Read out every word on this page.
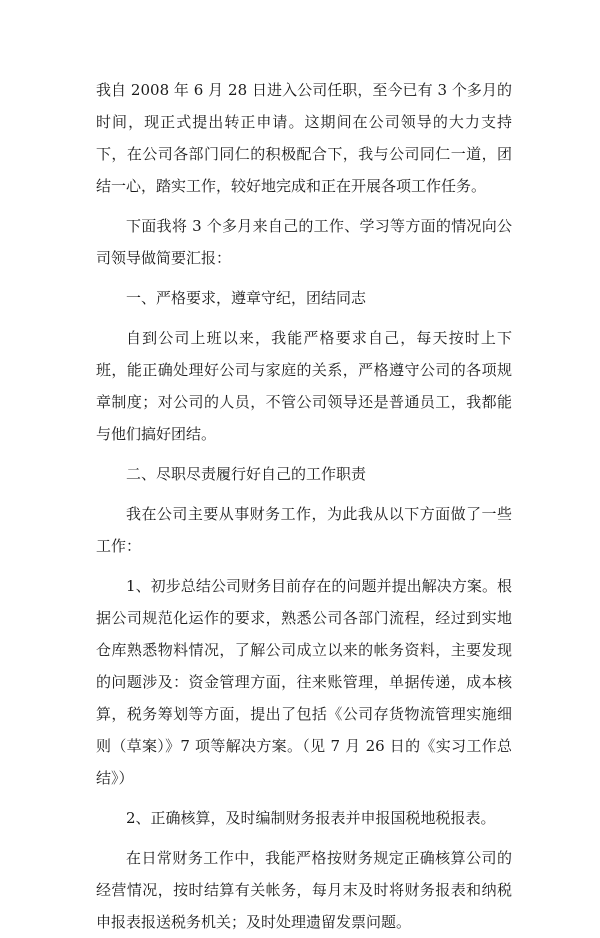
我自 2008 年 6 月 28 日进入公司任职，至今已有 3 个多月的时间，现正式提出转正申请。这期间在公司领导的大力支持下，在公司各部门同仁的积极配合下，我与公司同仁一道，团结一心，踏实工作，较好地完成和正在开展各项工作任务。

下面我将 3 个多月来自己的工作、学习等方面的情况向公司领导做简要汇报：

一、严格要求，遵章守纪，团结同志

自到公司上班以来，我能严格要求自己，每天按时上下班，能正确处理好公司与家庭的关系，严格遵守公司的各项规章制度；对公司的人员，不管公司领导还是普通员工，我都能与他们搞好团结。

二、尽职尽责履行好自己的工作职责

我在公司主要从事财务工作，为此我从以下方面做了一些工作：

1、初步总结公司财务目前存在的问题并提出解决方案。根据公司规范化运作的要求，熟悉公司各部门流程，经过到实地仓库熟悉物料情况，了解公司成立以来的帐务资料，主要发现的问题涉及：资金管理方面，往来账管理，单据传递，成本核算，税务筹划等方面，提出了包括《公司存货物流管理实施细则（草案）》7 项等解决方案。（见 7 月 26 日的《实习工作总结》）

2、正确核算，及时编制财务报表并申报国税地税报表。

在日常财务工作中，我能严格按财务规定正确核算公司的经营情况，按时结算有关帐务，每月末及时将财务报表和纳税申报表报送税务机关；及时处理遗留发票问题。
